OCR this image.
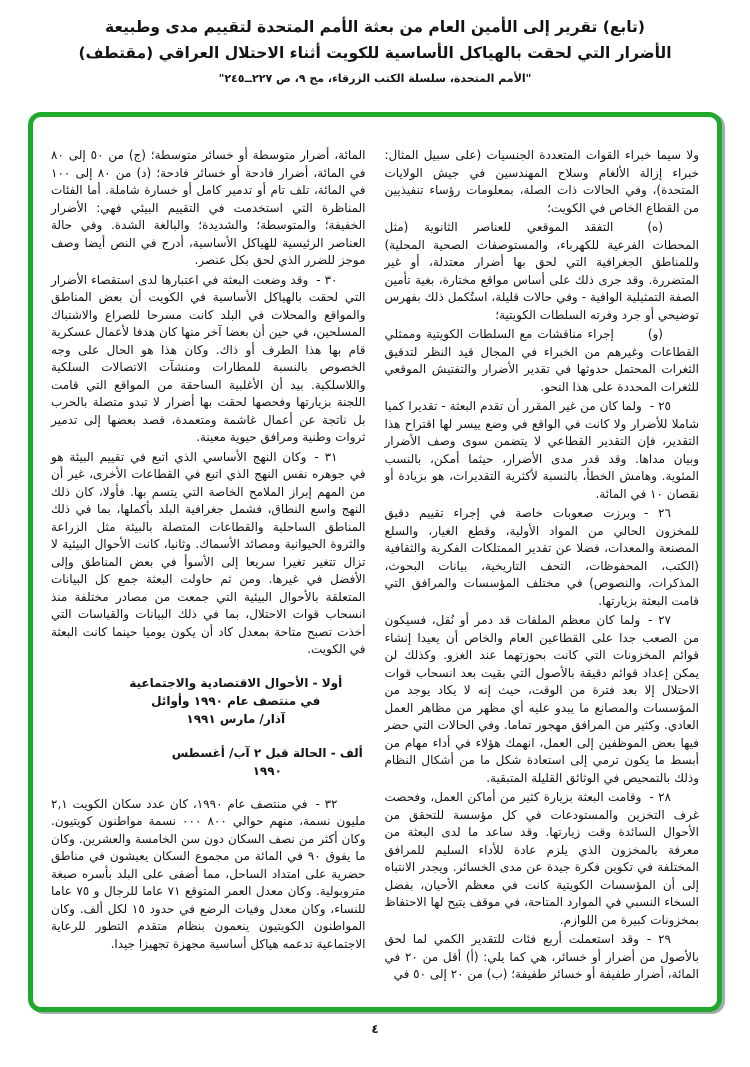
(تابع) تقرير إلى الأمين العام من بعثة الأمم المتحدة لتقييم مدى وطبيعة
الأضرار التي لحقت بالهياكل الأساسية للكويت أثناء الاحتلال العراقي (مقتطف)
"الأمم المتحدة، سلسلة الكتب الزرقاء، مج ٩، ص ٢٢٧ــ٢٤٥"

ولا سيما خبراء القوات المتعددة الجنسيات (على سبيل المثال: خبراء إزالة الألغام وسلاح المهندسين في جيش الولايات المتحدة)، وفي الحالات ذات الصلة، بمعلومات رؤساء تنفيذيين من القطاع الخاص في الكويت؛

(ه)التفقد الموقعي للعناصر الثانوية (مثل المحطات الفرعية للكهرباء، والمستوصفات الصحية المحلية) وللمناطق الجغرافية التي لحق بها أضرار معتدلة، أو غير المتضررة. وقد جرى ذلك على أساس مواقع مختارة، بغية تأمين الصفة التمثيلية الوافية - وفي حالات قليلة، استُكمل ذلك بفهرس توضيحي أو جرد وفرته السلطات الكويتية؛

(و)إجراء مناقشات مع السلطات الكويتية وممثلي القطاعات وغيرهم من الخبراء في المجال قيد النظر لتدقيق الثغرات المحتمل حدوثها في تقدير الأضرار والتفتيش الموقعي للثغرات المحددة على هذا النحو.

٢٥ -ولما كان من غير المقرر أن تقدم البعثة - تقديرا كميا شاملا للأضرار ولا كانت في الواقع في وضع ييسر لها اقتراح هذا التقدير، فإن التقدير القطاعي لا يتضمن سوى وصف الأضرار وبيان مداها. وقد قدر مدى الأضرار، حيثما أمكن، بالنسب المئوية. وهامش الخطأ، بالنسبة لأكثرية التقديرات، هو بزيادة أو نقصان ١٠ في المائة.

٢٦ -وبرزت صعوبات خاصة في إجراء تقييم دقيق للمخزون الحالي من المواد الأولية، وقطع الغيار، والسلع المصنعة والمعدات، فضلا عن تقدير الممتلكات الفكرية والثقافية (الكتب، المحفوظات، التحف التاريخية، بيانات البحوث، المذكرات، والنصوص) في مختلف المؤسسات والمرافق التي قامت البعثة بزيارتها.

٢٧ -ولما كان معظم الملفات قد دمر أو نُقل، فسيكون من الصعب جدا على القطاعين العام والخاص أن يعيدا إنشاء قوائم المخزونات التي كانت بحوزتهما عند الغزو. وكذلك لن يمكن إعداد قوائم دقيقة بالأصول التي بقيت بعد انسحاب قوات الاحتلال إلا بعد فترة من الوقت، حيث إنه لا يكاد يوجد من المؤسسات والمصانع ما يبدو عليه أي مظهر من مظاهر العمل العادي. وكثير من المرافق مهجور تماما. وفي الحالات التي حضر فيها بعض الموظفين إلى العمل، انهمك هؤلاء في أداء مهام من أبسط ما يكون ترمي إلى استعادة شكل ما من أشكال النظام وذلك بالتمحيص في الوثائق القليلة المتبقية.

٢٨ -وقامت البعثة بزيارة كثير من أماكن العمل، وفحصت غرف التخزين والمستودعات في كل مؤسسة للتحقق من الأحوال السائدة وقت زيارتها. وقد ساعد ما لدى البعثة من معرفة بالمخزون الذي يلزم عادة للأداء السليم للمرافق المختلفة في تكوين فكرة جيدة عن مدى الخسائر. ويجدر الانتباه إلى أن المؤسسات الكويتية كانت في معظم الأحيان، بفضل السخاء النسبي في الموارد المتاحة، في موقف يتيح لها الاحتفاظ بمخزونات كبيرة من اللوازم.

٢٩ -وقد استعملت أربع فئات للتقدير الكمي لما لحق بالأصول من أضرار أو خسائر، هي كما يلي: (أ) أقل من ٢٠ في المائة، أضرار طفيفة أو خسائر طفيفة؛ (ب) من ٢٠ إلى ٥٠ في

المائة، أضرار متوسطة أو خسائر متوسطة؛ (ج) من ٥٠ إلى ٨٠ في المائة، أضرار فادحة أو خسائر فادحة؛ (د) من ٨٠ إلى ١٠٠ في المائة، تلف تام أو تدمير كامل أو خسارة شاملة. أما الفئات المناظرة التي استخدمت في التقييم البيئي فهي: الأضرار الخفيفة؛ والمتوسطة؛ والشديدة؛ والبالغة الشدة. وفي حالة العناصر الرئيسية للهياكل الأساسية، أدرج في النص أيضا وصف موجز للضرر الذي لحق بكل عنصر.

٣٠ -وقد وضعت البعثة في اعتبارها لدى استقصاء الأضرار التي لحقت بالهياكل الأساسية في الكويت أن بعض المناطق والمواقع والمحلات في البلد كانت مسرحا للصراع والاشتباك المسلحين، في حين أن بعضا آخر منها كان هدفا لأعمال عسكرية قام بها هذا الطرف أو ذاك. وكان هذا هو الحال على وجه الخصوص بالنسبة للمطارات ومنشآت الاتصالات السلكية واللاسلكية. بيد أن الأغلبية الساحقة من المواقع التي قامت اللجنة بزيارتها وفحصها لحقت بها أضرار لا تبدو متصلة بالحرب بل ناتجة عن أعمال غاشمة ومتعمدة، قصد بعضها إلى تدمير ثروات وطنية ومرافق حيوية معينة.

٣١ -وكان النهج الأساسي الذي اتبع في تقييم البيئة هو في جوهره نفس النهج الذي اتبع في القطاعات الأخرى، غير أن من المهم إبراز الملامح الخاصة التي يتسم بها. فأولا، كان ذلك النهج واسع النطاق، فشمل جغرافية البلد بأكملها، بما في ذلك المناطق الساحلية والقطاعات المتصلة بالبيئة مثل الزراعة والثروة الحيوانية ومصائد الأسماك. وثانيا، كانت الأحوال البيئية لا تزال تتغير تغيرا سريعا إلى الأسوأ في بعض المناطق وإلى الأفضل في غيرها. ومن ثم حاولت البعثة جمع كل البيانات المتعلقة بالأحوال البيئية التي جمعت من مصادر مختلفة منذ انسحاب قوات الاحتلال، بما في ذلك البيانات والقياسات التي أخذت تصبح متاحة بمعدل كاد أن يكون يوميا حينما كانت البعثة في الكويت.

أولا - الأحوال الاقتصادية والاجتماعية
في منتصف عام ١٩٩٠ وأوائل
آذار/ مارس ١٩٩١
ألف - الحالة قبل ٢ آب/ أغسطس ١٩٩٠

٣٢ -في منتصف عام ١٩٩٠، كان عدد سكان الكويت ٢,١ مليون نسمة، منهم حوالي ٨٠٠ ٠٠٠ نسمة مواطنون كويتيون. وكان أكثر من نصف السكان دون سن الخامسة والعشرين. وكان ما يفوق ٩٠ في المائة من مجموع السكان يعيشون في مناطق حضرية على امتداد الساحل، مما أضفى على البلد بأسره صبغة متروبولية. وكان معدل العمر المتوقع ٧١ عاما للرجال و ٧٥ عاما للنساء، وكان معدل وفيات الرضع في حدود ١٥ لكل ألف. وكان المواطنون الكويتيون ينعمون بنظام متقدم التطور للرعاية الاجتماعية تدعمه هياكل أساسية مجهزة تجهيزا جيدا.

٤
